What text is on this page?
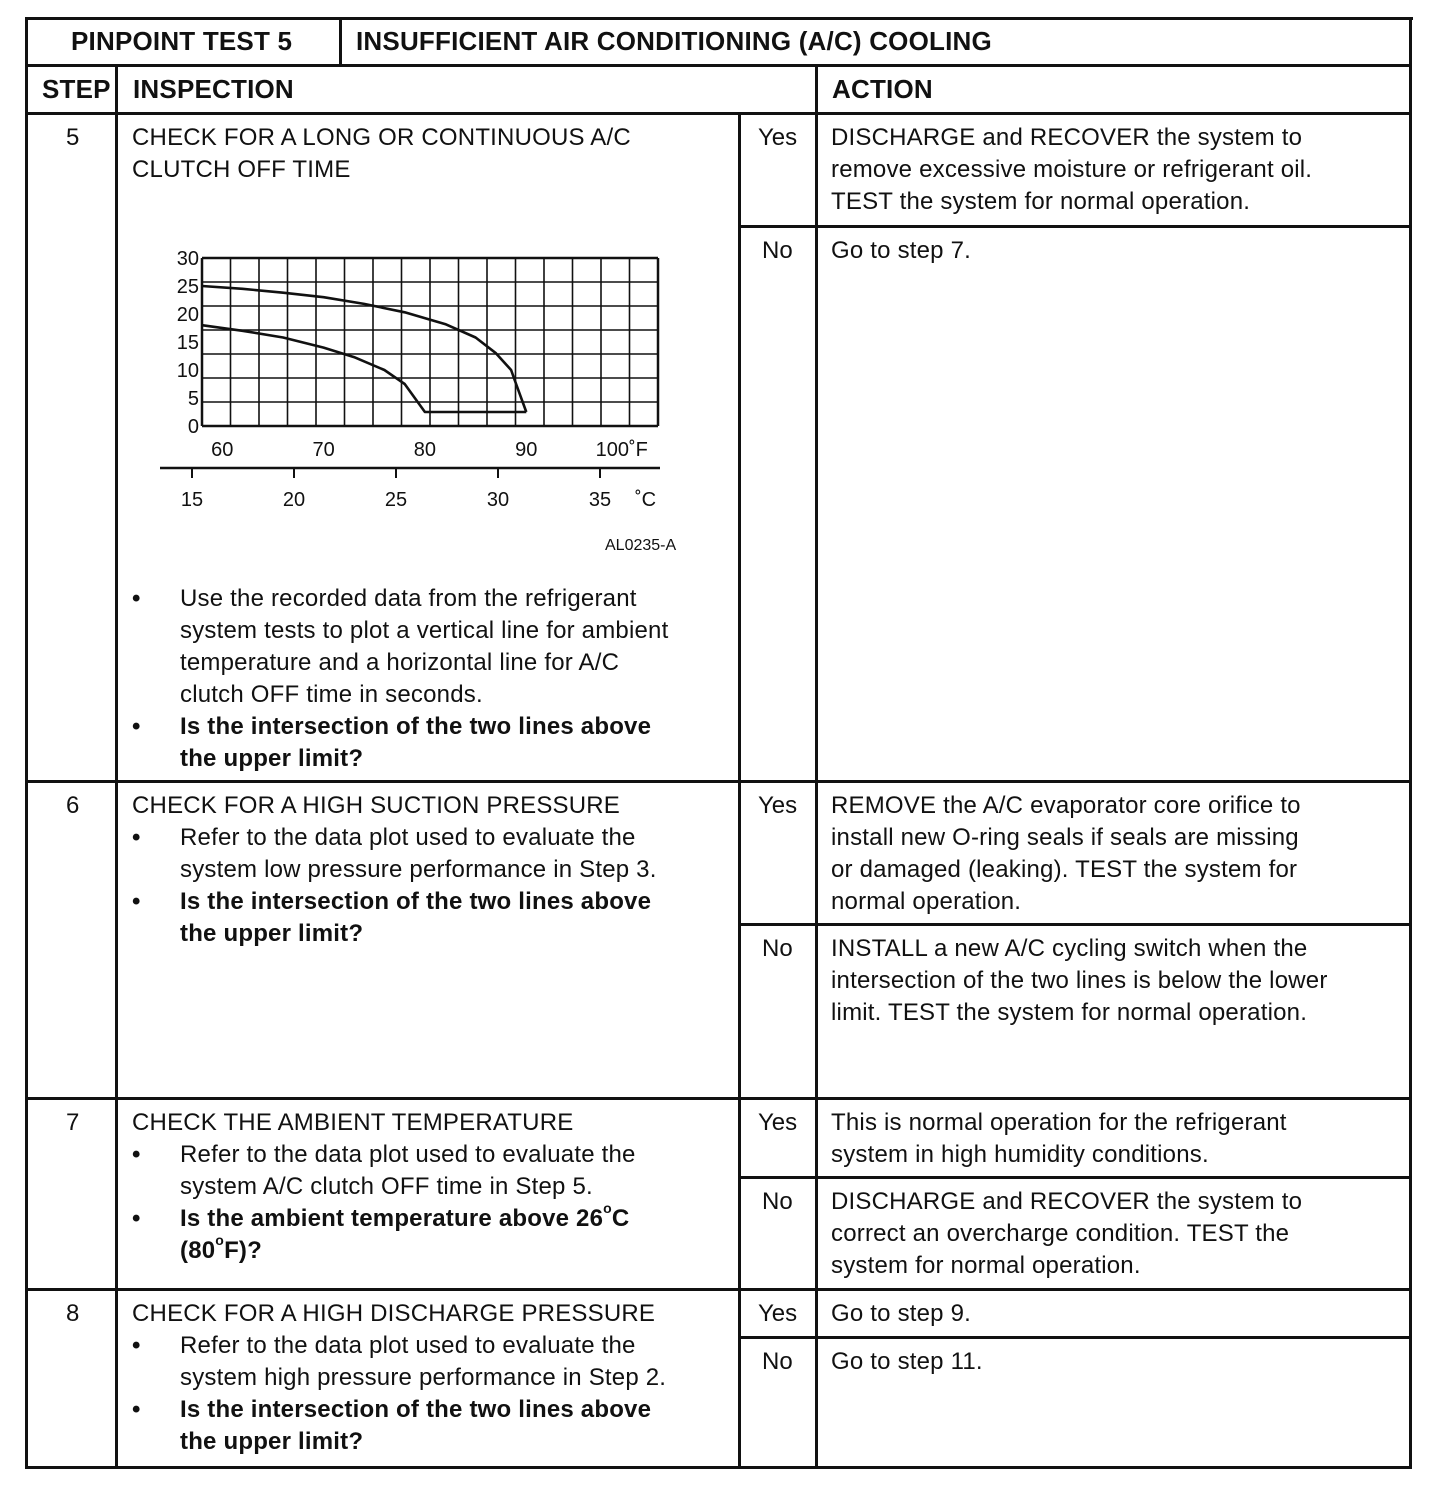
PINPOINT TEST 5 INSUFFICIENT AIR CONDITIONING (A/C) COOLING
STEP INSPECTION	ACTION
5 CHECK FOR A LONG OR CONTINUOUS A/C
CLUTCH OFF TIME
30
25
20
15
10
5
0
60	70	80	90	100˚F
15	20	25	30	35 ˚C
AL0235-A
• Use the recorded data from the refrigerant
system tests to plot a vertical line for ambient
temperature and a horizontal line for A/C
clutch OFF time in seconds.
• Is the intersection of the two lines above
the upper limit?
Yes DISCHARGE and RECOVER the system to
remove excessive moisture or refrigerant oil.
TEST the system for normal operation.
No Go to step 7.
6 CHECK FOR A HIGH SUCTION PRESSURE
• Refer to the data plot used to evaluate the
system low pressure performance in Step 3.
• Is the intersection of the two lines above
the upper limit?
Yes REMOVE the A/C evaporator core orifice to
install new O-ring seals if seals are missing
or damaged (leaking). TEST the system for
normal operation.
No INSTALL a new A/C cycling switch when the
intersection of the two lines is below the lower
limit. TEST the system for normal operation.
7 CHECK THE AMBIENT TEMPERATURE
• Refer to the data plot used to evaluate the
system A/C clutch OFF time in Step 5.
• Is the ambient temperature above 26$^o$C
(80$^o$F)?
Yes This is normal operation for the refrigerant
system in high humidity conditions.
No DISCHARGE and RECOVER the system to
correct an overcharge condition. TEST the
system for normal operation.
8 CHECK FOR A HIGH DISCHARGE PRESSURE
• Refer to the data plot used to evaluate the
system high pressure performance in Step 2.
• Is the intersection of the two lines above
the upper limit?
Yes Go to step 9.
No Go to step 11.
